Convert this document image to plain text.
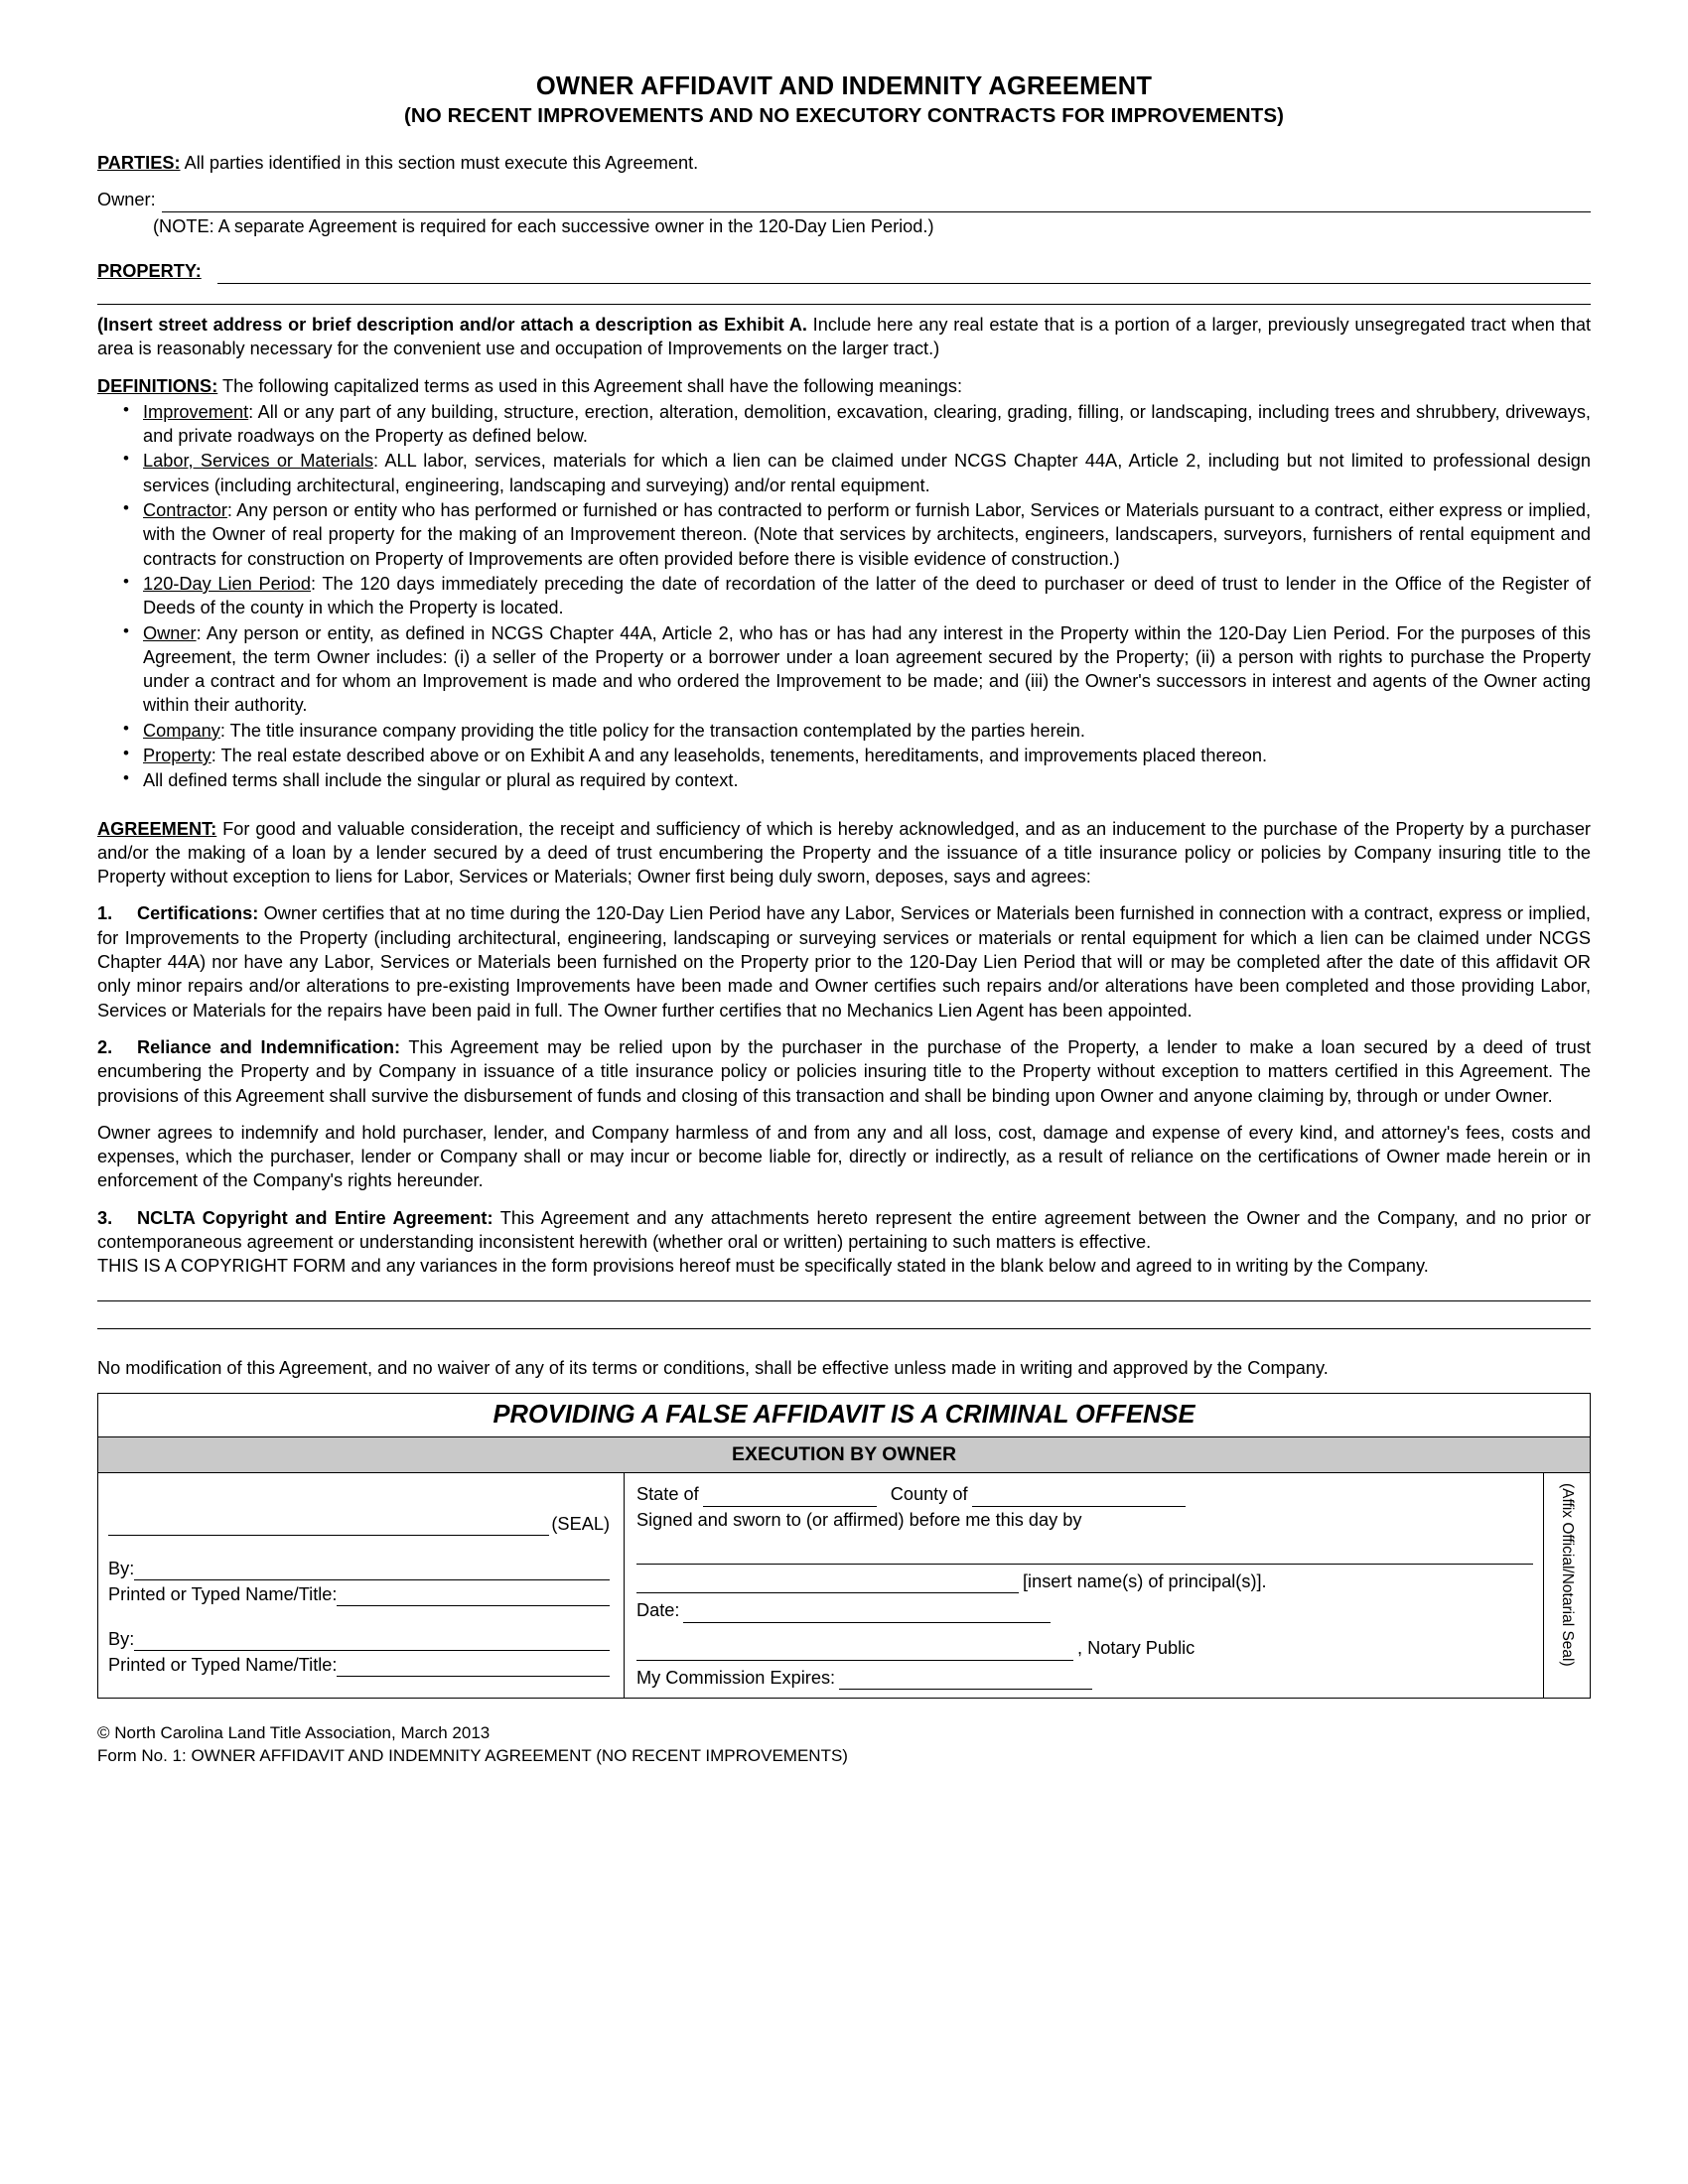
OWNER AFFIDAVIT AND INDEMNITY AGREEMENT
(NO RECENT IMPROVEMENTS AND NO EXECUTORY CONTRACTS FOR IMPROVEMENTS)
PARTIES: All parties identified in this section must execute this Agreement.
Owner:
(NOTE: A separate Agreement is required for each successive owner in the 120-Day Lien Period.)
PROPERTY:
(Insert street address or brief description and/or attach a description as Exhibit A. Include here any real estate that is a portion of a larger, previously unsegregated tract when that area is reasonably necessary for the convenient use and occupation of Improvements on the larger tract.)
DEFINITIONS: The following capitalized terms as used in this Agreement shall have the following meanings:
• Improvement: All or any part of any building, structure, erection, alteration, demolition, excavation, clearing, grading, filling, or landscaping, including trees and shrubbery, driveways, and private roadways on the Property as defined below.
• Labor, Services or Materials: ALL labor, services, materials for which a lien can be claimed under NCGS Chapter 44A, Article 2, including but not limited to professional design services (including architectural, engineering, landscaping and surveying) and/or rental equipment.
• Contractor: Any person or entity who has performed or furnished or has contracted to perform or furnish Labor, Services or Materials pursuant to a contract, either express or implied, with the Owner of real property for the making of an Improvement thereon. (Note that services by architects, engineers, landscapers, surveyors, furnishers of rental equipment and contracts for construction on Property of Improvements are often provided before there is visible evidence of construction.)
• 120-Day Lien Period: The 120 days immediately preceding the date of recordation of the latter of the deed to purchaser or deed of trust to lender in the Office of the Register of Deeds of the county in which the Property is located.
• Owner: Any person or entity, as defined in NCGS Chapter 44A, Article 2, who has or has had any interest in the Property within the 120-Day Lien Period. For the purposes of this Agreement, the term Owner includes: (i) a seller of the Property or a borrower under a loan agreement secured by the Property; (ii) a person with rights to purchase the Property under a contract and for whom an Improvement is made and who ordered the Improvement to be made; and (iii) the Owner's successors in interest and agents of the Owner acting within their authority.
• Company: The title insurance company providing the title policy for the transaction contemplated by the parties herein.
• Property: The real estate described above or on Exhibit A and any leaseholds, tenements, hereditaments, and improvements placed thereon.
• All defined terms shall include the singular or plural as required by context.
AGREEMENT: For good and valuable consideration, the receipt and sufficiency of which is hereby acknowledged, and as an inducement to the purchase of the Property by a purchaser and/or the making of a loan by a lender secured by a deed of trust encumbering the Property and the issuance of a title insurance policy or policies by Company insuring title to the Property without exception to liens for Labor, Services or Materials; Owner first being duly sworn, deposes, says and agrees:
1. Certifications: Owner certifies that at no time during the 120-Day Lien Period have any Labor, Services or Materials been furnished in connection with a contract, express or implied, for Improvements to the Property (including architectural, engineering, landscaping or surveying services or materials or rental equipment for which a lien can be claimed under NCGS Chapter 44A) nor have any Labor, Services or Materials been furnished on the Property prior to the 120-Day Lien Period that will or may be completed after the date of this affidavit OR only minor repairs and/or alterations to pre-existing Improvements have been made and Owner certifies such repairs and/or alterations have been completed and those providing Labor, Services or Materials for the repairs have been paid in full. The Owner further certifies that no Mechanics Lien Agent has been appointed.
2. Reliance and Indemnification: This Agreement may be relied upon by the purchaser in the purchase of the Property, a lender to make a loan secured by a deed of trust encumbering the Property and by Company in issuance of a title insurance policy or policies insuring title to the Property without exception to matters certified in this Agreement. The provisions of this Agreement shall survive the disbursement of funds and closing of this transaction and shall be binding upon Owner and anyone claiming by, through or under Owner.
Owner agrees to indemnify and hold purchaser, lender, and Company harmless of and from any and all loss, cost, damage and expense of every kind, and attorney's fees, costs and expenses, which the purchaser, lender or Company shall or may incur or become liable for, directly or indirectly, as a result of reliance on the certifications of Owner made herein or in enforcement of the Company's rights hereunder.
3. NCLTA Copyright and Entire Agreement: This Agreement and any attachments hereto represent the entire agreement between the Owner and the Company, and no prior or contemporaneous agreement or understanding inconsistent herewith (whether oral or written) pertaining to such matters is effective.
THIS IS A COPYRIGHT FORM and any variances in the form provisions hereof must be specifically stated in the blank below and agreed to in writing by the Company.
No modification of this Agreement, and no waiver of any of its terms or conditions, shall be effective unless made in writing and approved by the Company.
PROVIDING A FALSE AFFIDAVIT IS A CRIMINAL OFFENSE
EXECUTION BY OWNER
(SEAL)
By:
Printed or Typed Name/Title:
By:
Printed or Typed Name/Title:
State of	County of
Signed and sworn to (or affirmed) before me this day by
[insert name(s) of principal(s)].
Date:
, Notary Public
My Commission Expires:
(Affix Official/Notarial Seal)
© North Carolina Land Title Association, March 2013
Form No. 1: OWNER AFFIDAVIT AND INDEMNITY AGREEMENT (NO RECENT IMPROVEMENTS)
